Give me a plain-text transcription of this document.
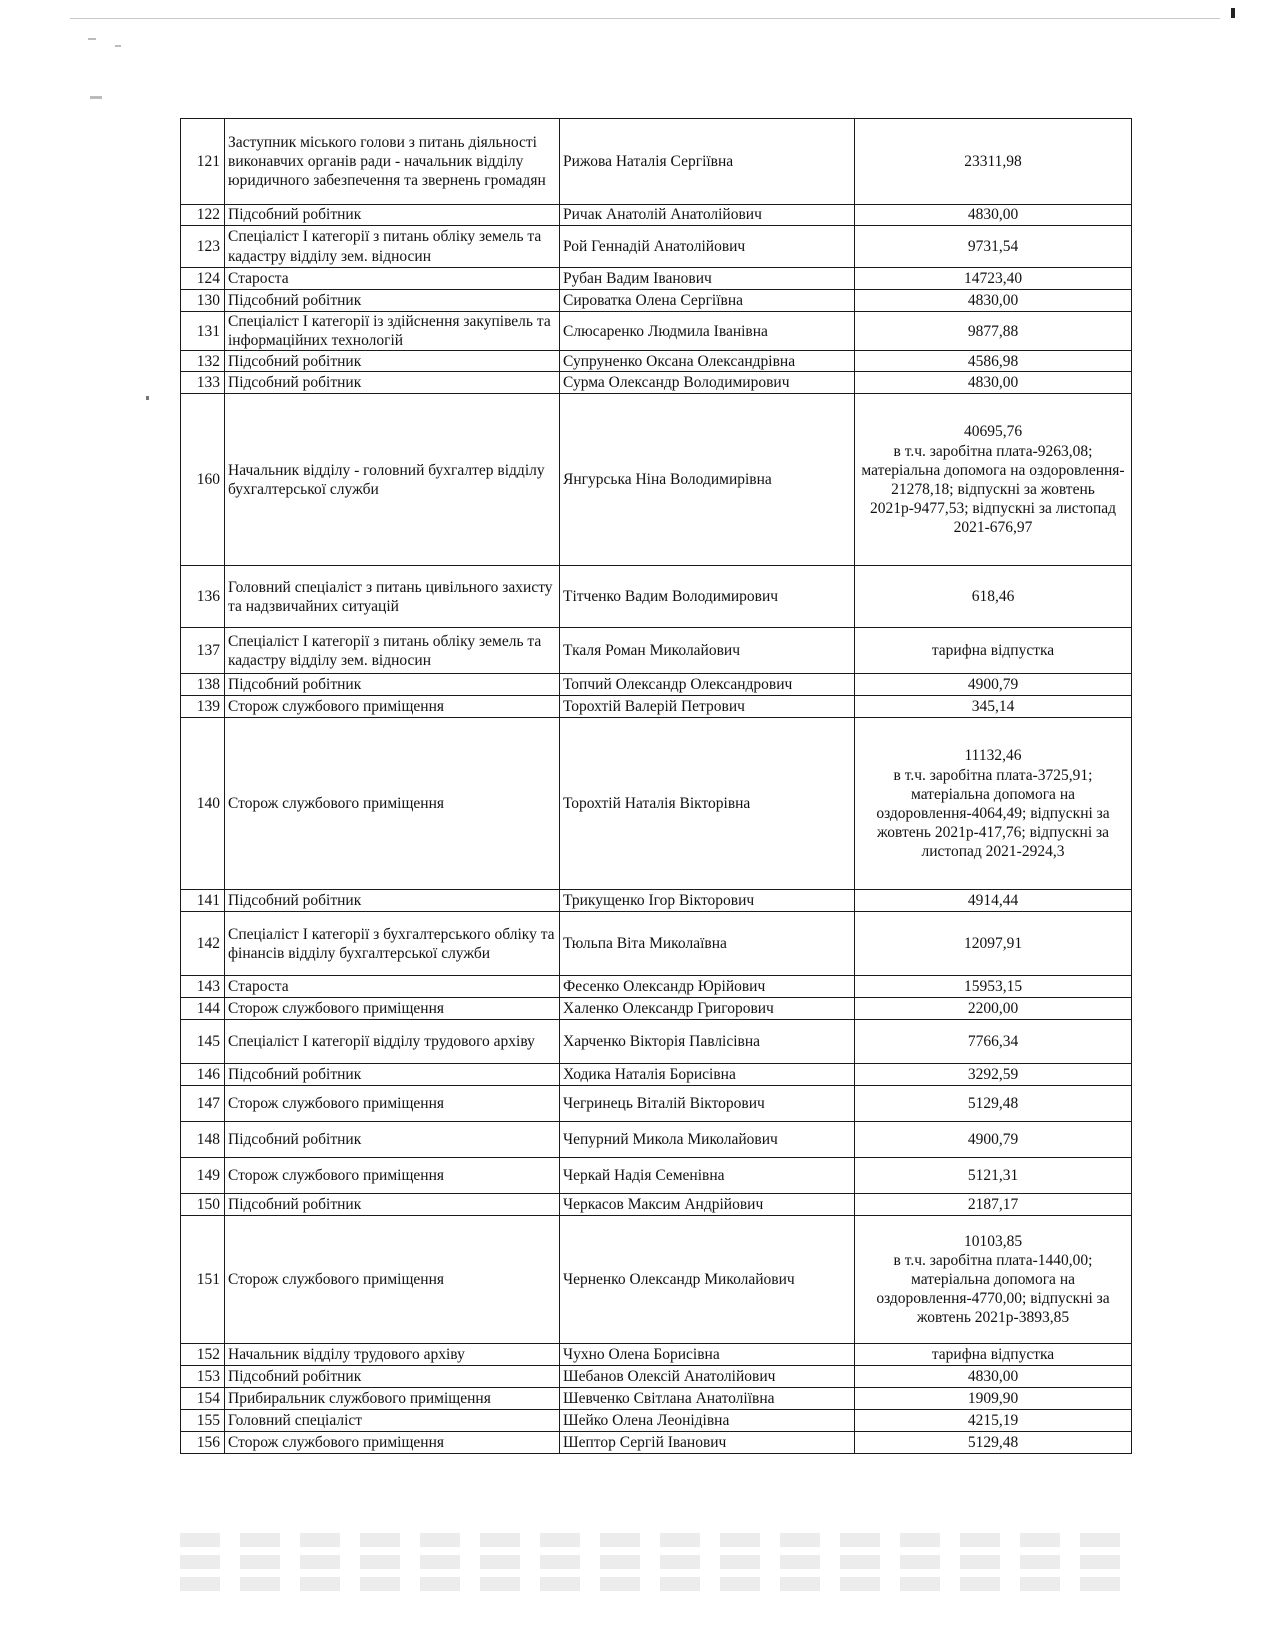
121	Заступник міського голови з питань діяльності виконавчих органів ради - начальник відділу юридичного забезпечення та звернень громадян	Рижова Наталія Сергіївна	23311,98
122	Підсобний робітник	Ричак Анатолій Анатолійович	4830,00
123	Спеціаліст І категорії з питань обліку земель та кадастру відділу зем. відносин	Рой Геннадій Анатолійович	9731,54
124	Староста	Рубан Вадим Іванович	14723,40
130	Підсобний робітник	Сироватка Олена Сергіївна	4830,00
131	Спеціаліст І категорії із здійснення закупівель та інформаційних технологій	Слюсаренко Людмила Іванівна	9877,88
132	Підсобний робітник	Супруненко Оксана Олександрівна	4586,98
133	Підсобний робітник	Сурма Олександр Володимирович	4830,00
160	Начальник відділу - головний бухгалтер відділу бухгалтерської служби	Янгурська Ніна Володимирівна	40695,76
в т.ч. заробітна плата-9263,08; матеріальна допомога на оздоровлення- 21278,18; відпускні за жовтень 2021р-9477,53; відпускні за листопад 2021-676,97
136	Головний спеціаліст з питань цивільного захисту та надзвичайних ситуацій	Тітченко Вадим Володимирович	618,46
137	Спеціаліст І категорії з питань обліку земель та кадастру відділу зем. відносин	Ткаля Роман Миколайович	тарифна відпустка
138	Підсобний робітник	Топчий Олександр Олександрович	4900,79
139	Сторож службового приміщення	Торохтій Валерій Петрович	345,14
140	Сторож службового приміщення	Торохтій Наталія Вікторівна	11132,46
в т.ч. заробітна плата-3725,91; матеріальна допомога на оздоровлення-4064,49; відпускні за жовтень 2021р-417,76; відпускні за листопад 2021-2924,3
141	Підсобний робітник	Трикущенко Ігор Вікторович	4914,44
142	Спеціаліст І категорії з бухгалтерського обліку та фінансів відділу бухгалтерської служби	Тюльпа Віта Миколаївна	12097,91
143	Староста	Фесенко Олександр Юрійович	15953,15
144	Сторож службового приміщення	Халенко Олександр Григорович	2200,00
145	Спеціаліст І категорії відділу трудового архіву	Харченко Вікторія Павлісівна	7766,34
146	Підсобний робітник	Ходика Наталія Борисівна	3292,59
147	Сторож службового приміщення	Чегринець Віталій Вікторович	5129,48
148	Підсобний робітник	Чепурний Микола Миколайович	4900,79
149	Сторож службового приміщення	Черкай Надія Семенівна	5121,31
150	Підсобний робітник	Черкасов Максим Андрійович	2187,17
151	Сторож службового приміщення	Черненко Олександр Миколайович	10103,85
в т.ч. заробітна плата-1440,00; матеріальна допомога на оздоровлення-4770,00; відпускні за жовтень 2021р-3893,85
152	Начальник відділу трудового архіву	Чухно Олена Борисівна	тарифна відпустка
153	Підсобний робітник	Шебанов Олексій Анатолійович	4830,00
154	Прибиральник службового приміщення	Шевченко Світлана Анатоліївна	1909,90
155	Головний спеціаліст	Шейко Олена Леонідівна	4215,19
156	Сторож службового приміщення	Шептор Сергій Іванович	5129,48
